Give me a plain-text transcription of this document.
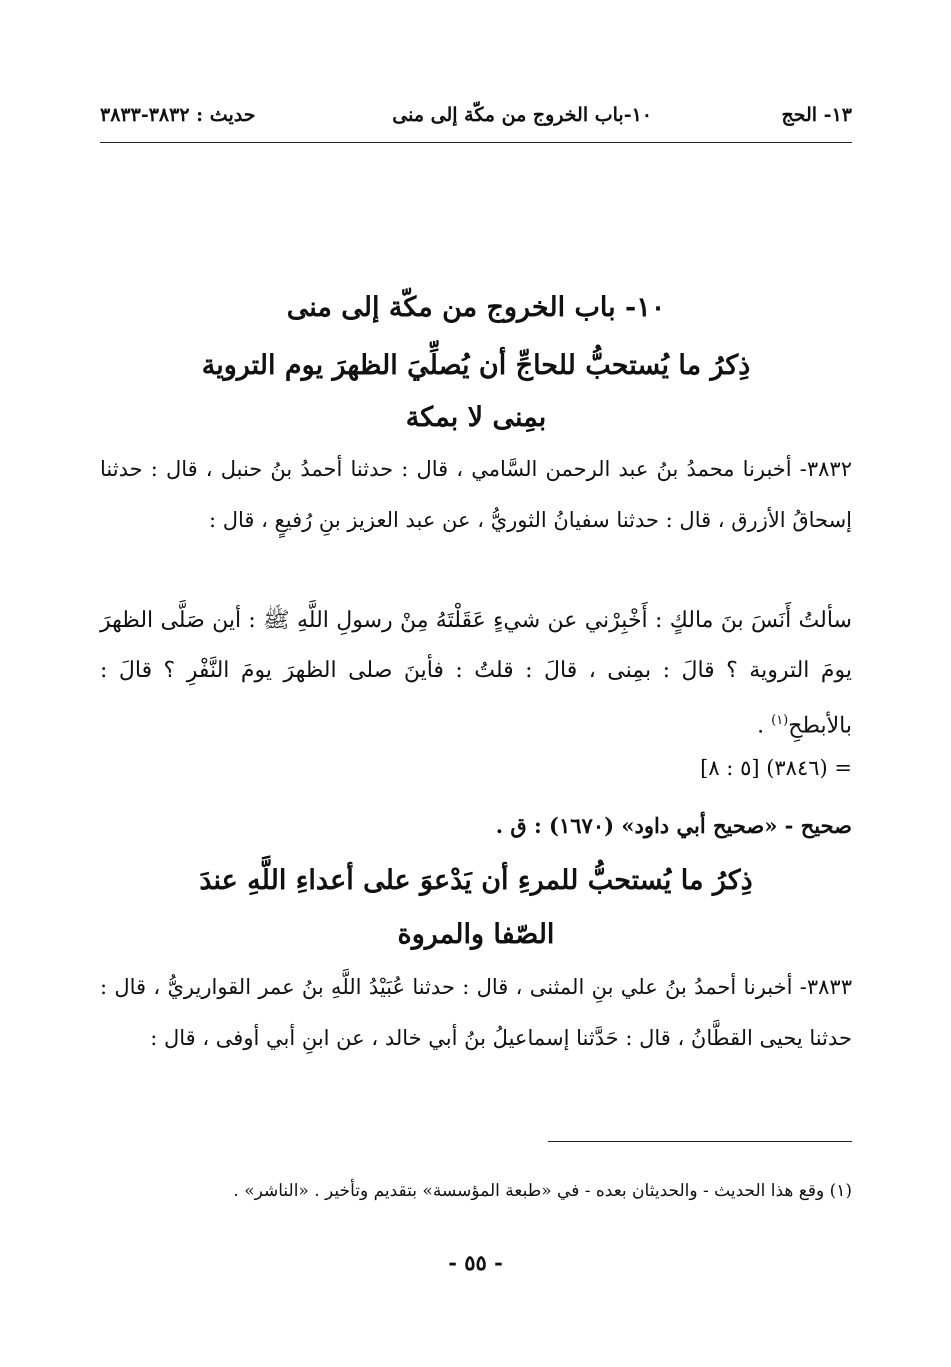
١٣- الحج
١٠-باب الخروج من مكّة إلى منى
حديث : ٣٨٣٢-٣٨٣٣
١٠- باب الخروج من مكّة إلى منى
ذِكرُ ما يُستحبُّ للحاجِّ أن يُصلِّيَ الظهرَ يوم التروية
بمِنى لا بمكة
٣٨٣٢- أخبرنا محمدُ بنُ عبد الرحمن السَّامي ، قال : حدثنا أحمدُ بنُ حنبل ، قال : حدثنا إسحاقُ الأزرق ، قال : حدثنا سفيانُ الثوريُّ ، عن عبد العزيز بنِ رُفيعٍ ، قال :
سألتُ أَنَسَ بنَ مالكٍ : أَخْبِرْني عن شيءٍ عَقَلْتَهُ مِنْ رسولِ اللَّهِ ﷺ : أين صَلَّى الظهرَ يومَ التروية ؟ قالَ : بمِنى ، قالَ : قلتُ : فأينَ صلى الظهرَ يومَ النَّفْرِ ؟ قالَ : بالأبطحِ$^{(١)}$ .
= (٣٨٤٦) [٥ : ٨]
صحيح - «صحيح أبي داود» (١٦٧٠) : ق .
ذِكرُ ما يُستحبُّ للمرءِ أن يَدْعوَ على أعداءِ اللَّهِ عندَ
الصّفا والمروة
٣٨٣٣- أخبرنا أحمدُ بنُ علي بنِ المثنى ، قال : حدثنا عُبَيْدُ اللَّهِ بنُ عمر القواريريُّ ، قال : حدثنا يحيى القطَّانُ ، قال : حَدَّثنا إسماعيلُ بنُ أبي خالد ، عن ابنِ أبي أوفى ، قال :
(١) وقع هذا الحديث - والحديثان بعده - في «طبعة المؤسسة» بتقديم وتأخير . «الناشر» .
- ٥٥ -
